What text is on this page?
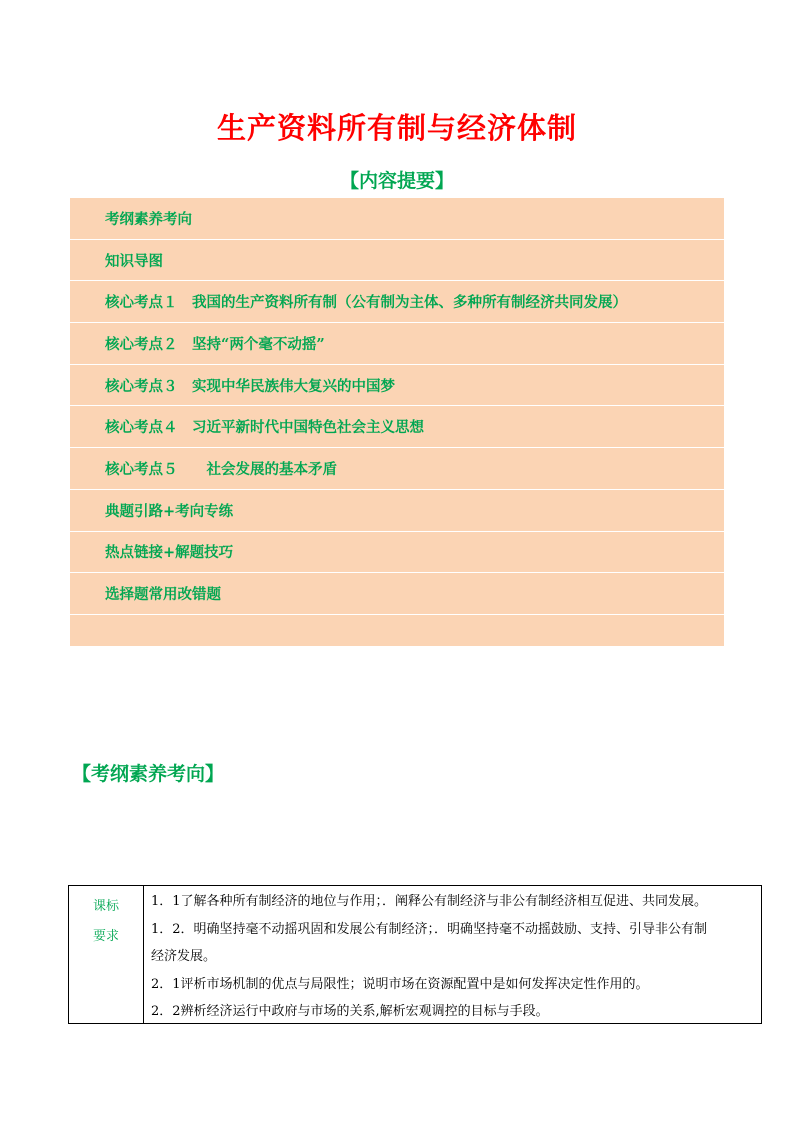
生产资料所有制与经济体制
【内容提要】
考纲素养考向
知识导图
核心考点１　我国的生产资料所有制（公有制为主体、多种所有制经济共同发展）
核心考点２　坚持“两个毫不动摇”
核心考点３　实现中华民族伟大复兴的中国梦
核心考点４　习近平新时代中国特色社会主义思想
核心考点５　　社会发展的基本矛盾
典题引路+考向专练
热点链接+解题技巧
选择题常用改错题
【考纲素养考向】
课标
要求
1．1了解各种所有制经济的地位与作用；．阐释公有制经济与非公有制经济相互促进、共同发展。
1．2．明确坚持毫不动摇巩固和发展公有制经济；．明确坚持毫不动摇鼓励、支持、引导非公有制
经济发展。
2．1评析市场机制的优点与局限性；说明市场在资源配置中是如何发挥决定性作用的。
2．2辨析经济运行中政府与市场的关系,解析宏观调控的目标与手段。
